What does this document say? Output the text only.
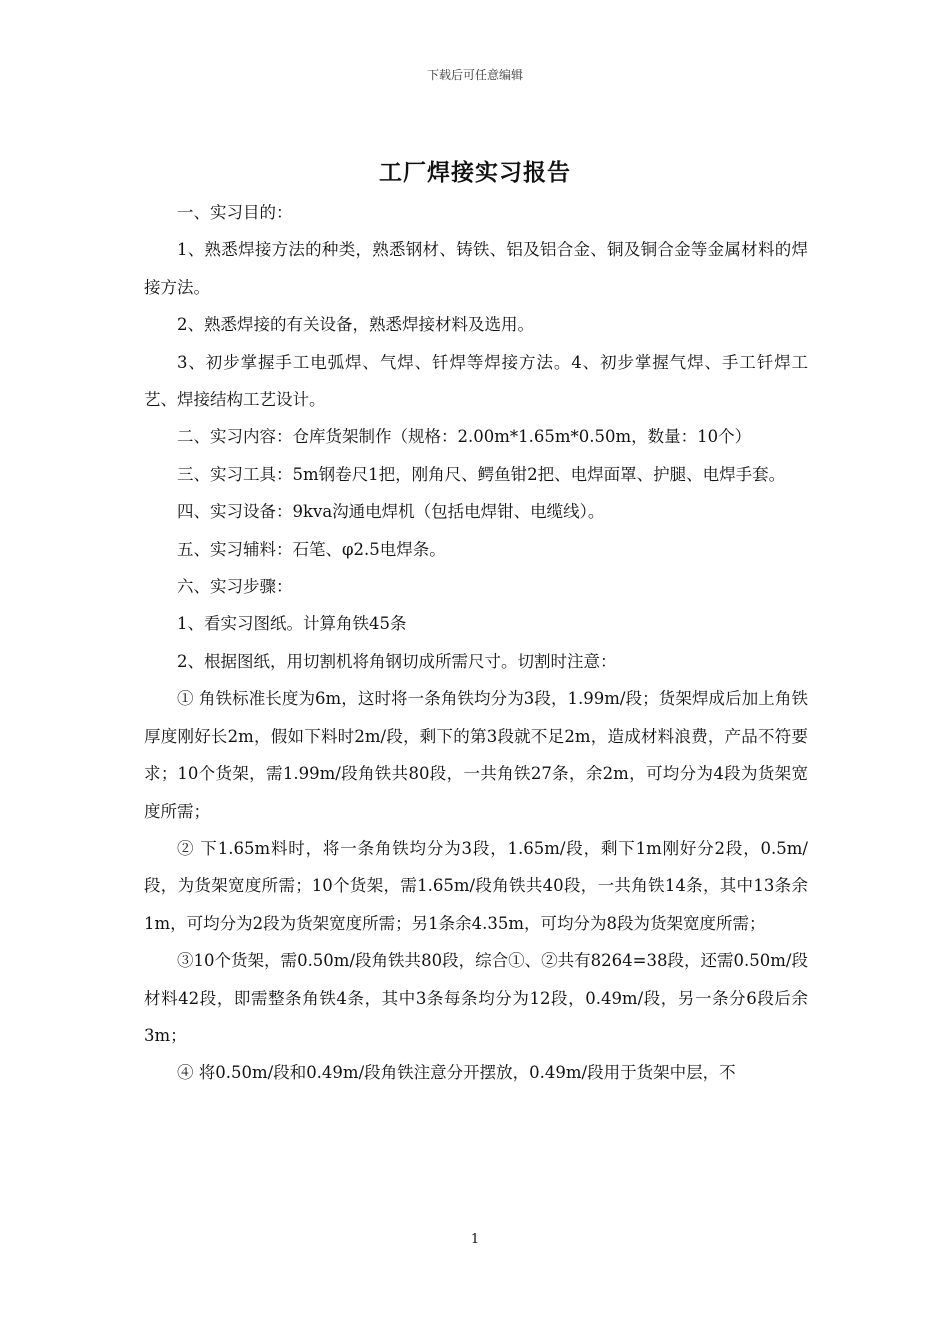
下载后可任意编辑
工厂焊接实习报告

一、实习目的：

1、熟悉焊接方法的种类，熟悉钢材、铸铁、铝及铝合金、铜及铜合金等金属材料的焊接方法。

2、熟悉焊接的有关设备，熟悉焊接材料及选用。

3、初步掌握手工电弧焊、气焊、钎焊等焊接方法。4、初步掌握气焊、手工钎焊工艺、焊接结构工艺设计。

二、实习内容：仓库货架制作（规格：2.00m*1.65m*0.50m，数量：10个）

三、实习工具：5m钢卷尺1把，刚角尺、鳄鱼钳2把、电焊面罩、护腿、电焊手套。

四、实习设备：9kva沟通电焊机（包括电焊钳、电缆线）。

五、实习辅料：石笔、φ2.5电焊条。

六、实习步骤：

1、看实习图纸。计算角铁45条

2、根据图纸，用切割机将角钢切成所需尺寸。切割时注意：

① 角铁标准长度为6m，这时将一条角铁均分为3段，1.99m/段；货架焊成后加上角铁厚度刚好长2m，假如下料时2m/段，剩下的第3段就不足2m，造成材料浪费，产品不符要求；10个货架，需1.99m/段角铁共80段，一共角铁27条，余2m，可均分为4段为货架宽度所需；

② 下1.65m料时，将一条角铁均分为3段，1.65m/段，剩下1m刚好分2段，0.5m/段，为货架宽度所需；10个货架，需1.65m/段角铁共40段，一共角铁14条，其中13条余1m，可均分为2段为货架宽度所需；另1条余4.35m，可均分为8段为货架宽度所需；

③10个货架，需0.50m/段角铁共80段，综合①、②共有8264=38段，还需0.50m/段材料42段，即需整条角铁4条，其中3条每条均分为12段，0.49m/段，另一条分6段后余3m；

④ 将0.50m/段和0.49m/段角铁注意分开摆放，0.49m/段用于货架中层，不

1
